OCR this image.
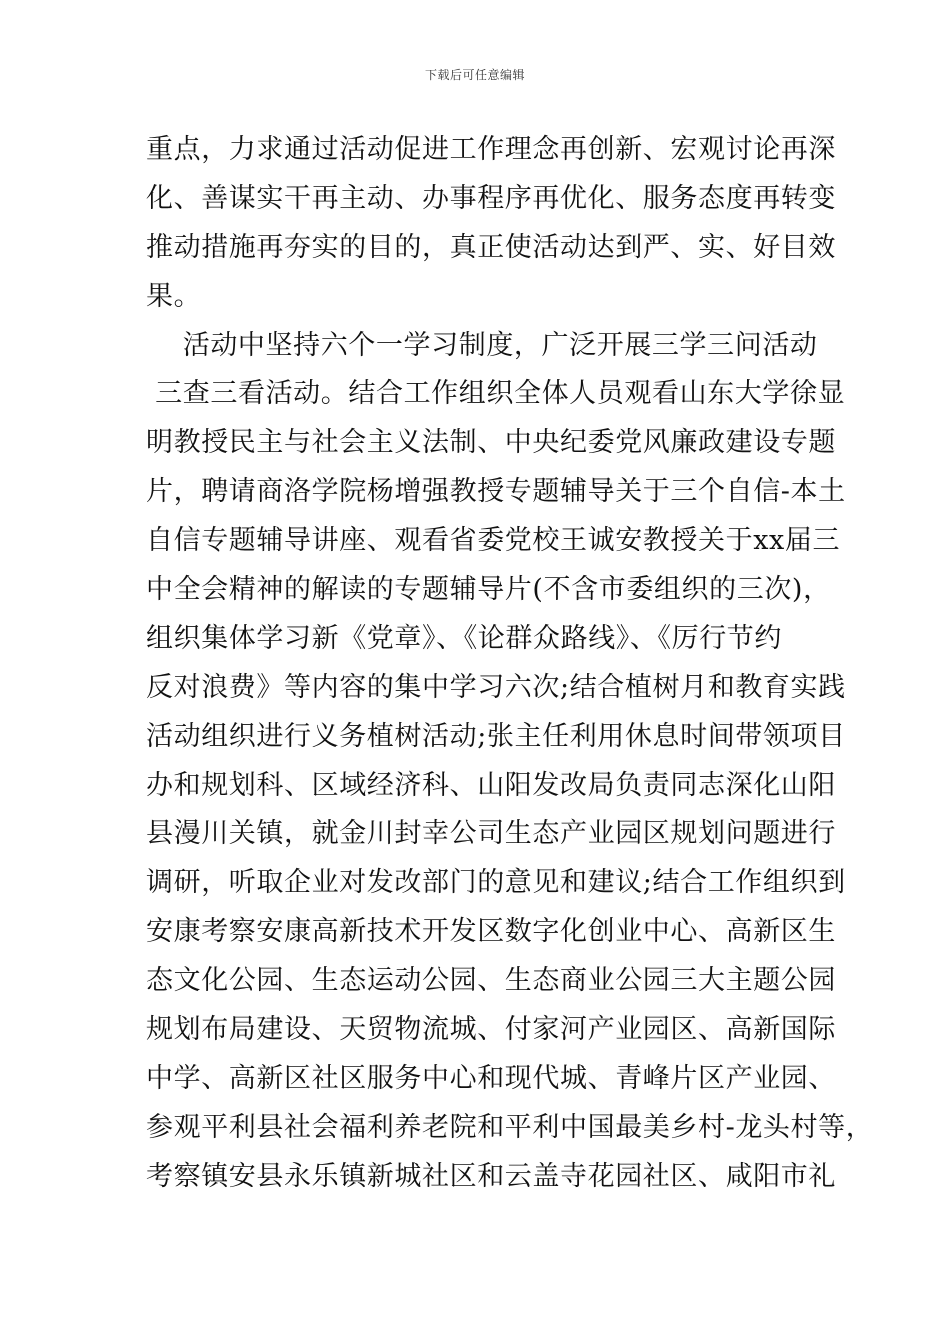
下载后可任意编辑
重点，力求通过活动促进工作理念再创新、宏观讨论再深
化、善谋实干再主动、办事程序再优化、服务态度再转变
推动措施再夯实的目的，真正使活动达到严、实、好目效
果。
活动中坚持六个一学习制度，广泛开展三学三问活动
三查三看活动。结合工作组织全体人员观看山东大学徐显
明教授民主与社会主义法制、中央纪委党风廉政建设专题
片，聘请商洛学院杨增强教授专题辅导关于三个自信-本土
自信专题辅导讲座、观看省委党校王诚安教授关于xx届三
中全会精神的解读的专题辅导片(不含市委组织的三次)，
组织集体学习新《党章》、《论群众路线》、《厉行节约
反对浪费》等内容的集中学习六次;结合植树月和教育实践
活动组织进行义务植树活动;张主任利用休息时间带领项目
办和规划科、区域经济科、山阳发改局负责同志深化山阳
县漫川关镇，就金川封幸公司生态产业园区规划问题进行
调研，听取企业对发改部门的意见和建议;结合工作组织到
安康考察安康高新技术开发区数字化创业中心、高新区生
态文化公园、生态运动公园、生态商业公园三大主题公园
规划布局建设、天贸物流城、付家河产业园区、高新国际
中学、高新区社区服务中心和现代城、青峰片区产业园、
参观平利县社会福利养老院和平利中国最美乡村-龙头村等，
考察镇安县永乐镇新城社区和云盖寺花园社区、咸阳市礼
